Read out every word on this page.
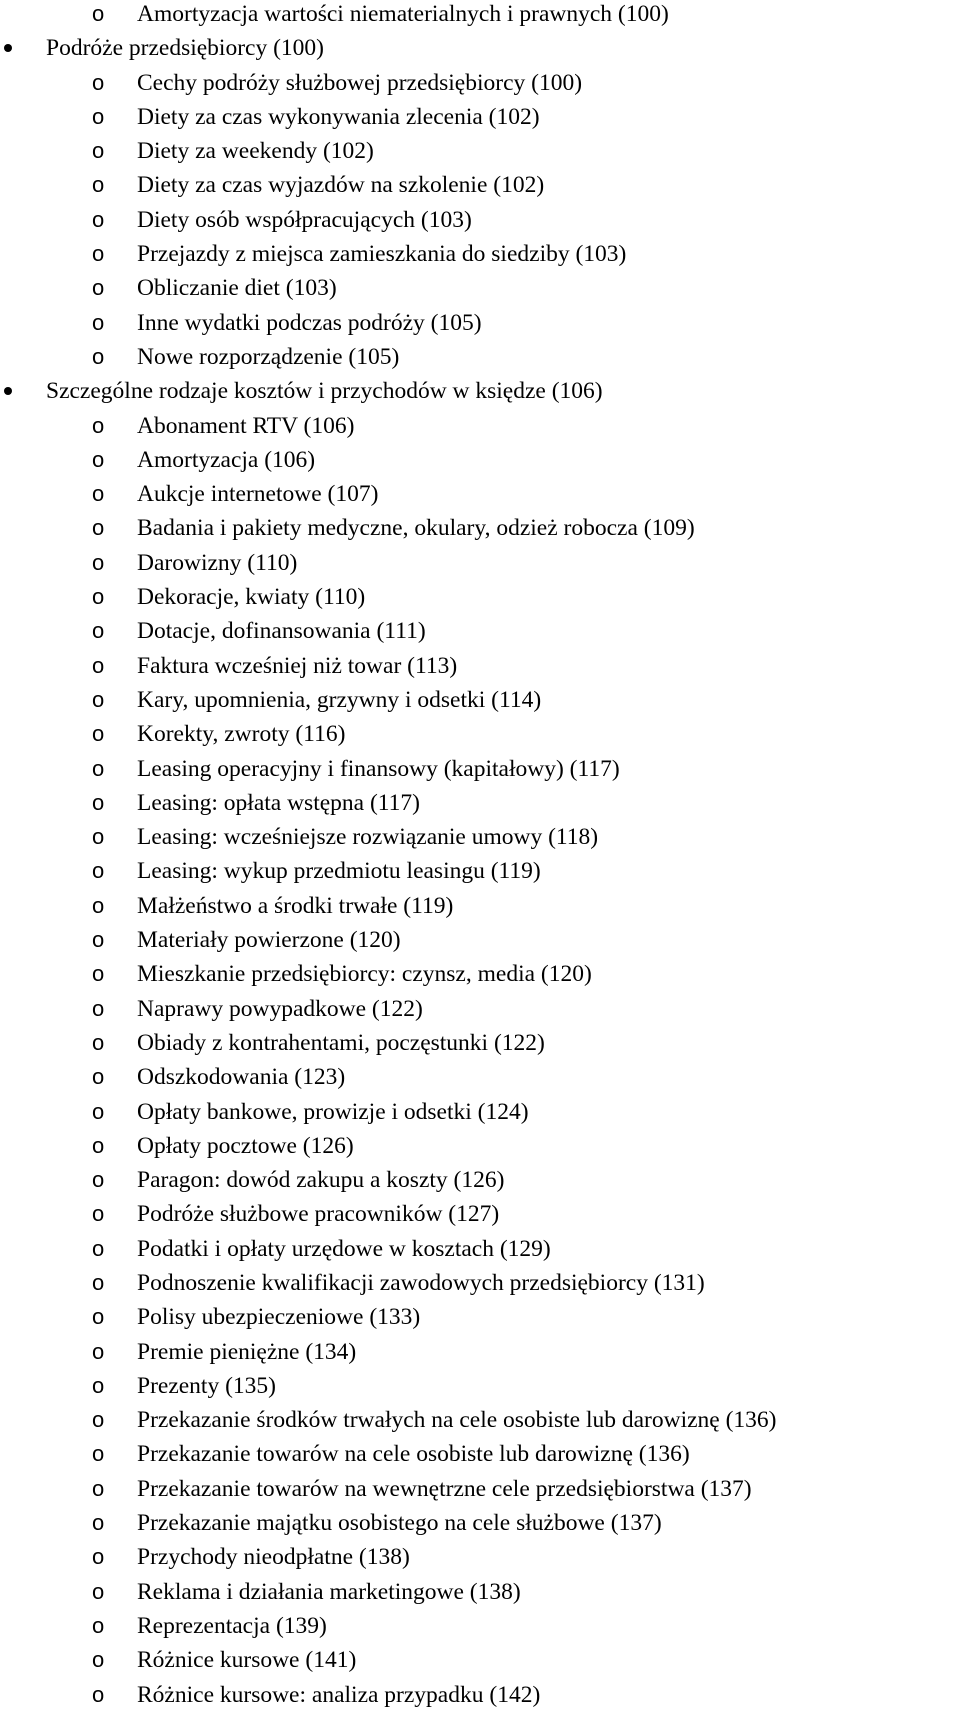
o Amortyzacja wartości niematerialnych i prawnych (100)
Podróże przedsiębiorcy (100)
o Cechy podróży służbowej przedsiębiorcy (100)
o Diety za czas wykonywania zlecenia (102)
o Diety za weekendy (102)
o Diety za czas wyjazdów na szkolenie (102)
o Diety osób współpracujących (103)
o Przejazdy z miejsca zamieszkania do siedziby (103)
o Obliczanie diet (103)
o Inne wydatki podczas podróży (105)
o Nowe rozporządzenie (105)
Szczególne rodzaje kosztów i przychodów w księdze (106)
o Abonament RTV (106)
o Amortyzacja (106)
o Aukcje internetowe (107)
o Badania i pakiety medyczne, okulary, odzież robocza (109)
o Darowizny (110)
o Dekoracje, kwiaty (110)
o Dotacje, dofinansowania (111)
o Faktura wcześniej niż towar (113)
o Kary, upomnienia, grzywny i odsetki (114)
o Korekty, zwroty (116)
o Leasing operacyjny i finansowy (kapitałowy) (117)
o Leasing: opłata wstępna (117)
o Leasing: wcześniejsze rozwiązanie umowy (118)
o Leasing: wykup przedmiotu leasingu (119)
o Małżeństwo a środki trwałe (119)
o Materiały powierzone (120)
o Mieszkanie przedsiębiorcy: czynsz, media (120)
o Naprawy powypadkowe (122)
o Obiady z kontrahentami, poczęstunki (122)
o Odszkodowania (123)
o Opłaty bankowe, prowizje i odsetki (124)
o Opłaty pocztowe (126)
o Paragon: dowód zakupu a koszty (126)
o Podróże służbowe pracowników (127)
o Podatki i opłaty urzędowe w kosztach (129)
o Podnoszenie kwalifikacji zawodowych przedsiębiorcy (131)
o Polisy ubezpieczeniowe (133)
o Premie pieniężne (134)
o Prezenty (135)
o Przekazanie środków trwałych na cele osobiste lub darowiznę (136)
o Przekazanie towarów na cele osobiste lub darowiznę (136)
o Przekazanie towarów na wewnętrzne cele przedsiębiorstwa (137)
o Przekazanie majątku osobistego na cele służbowe (137)
o Przychody nieodpłatne (138)
o Reklama i działania marketingowe (138)
o Reprezentacja (139)
o Różnice kursowe (141)
o Różnice kursowe: analiza przypadku (142)
